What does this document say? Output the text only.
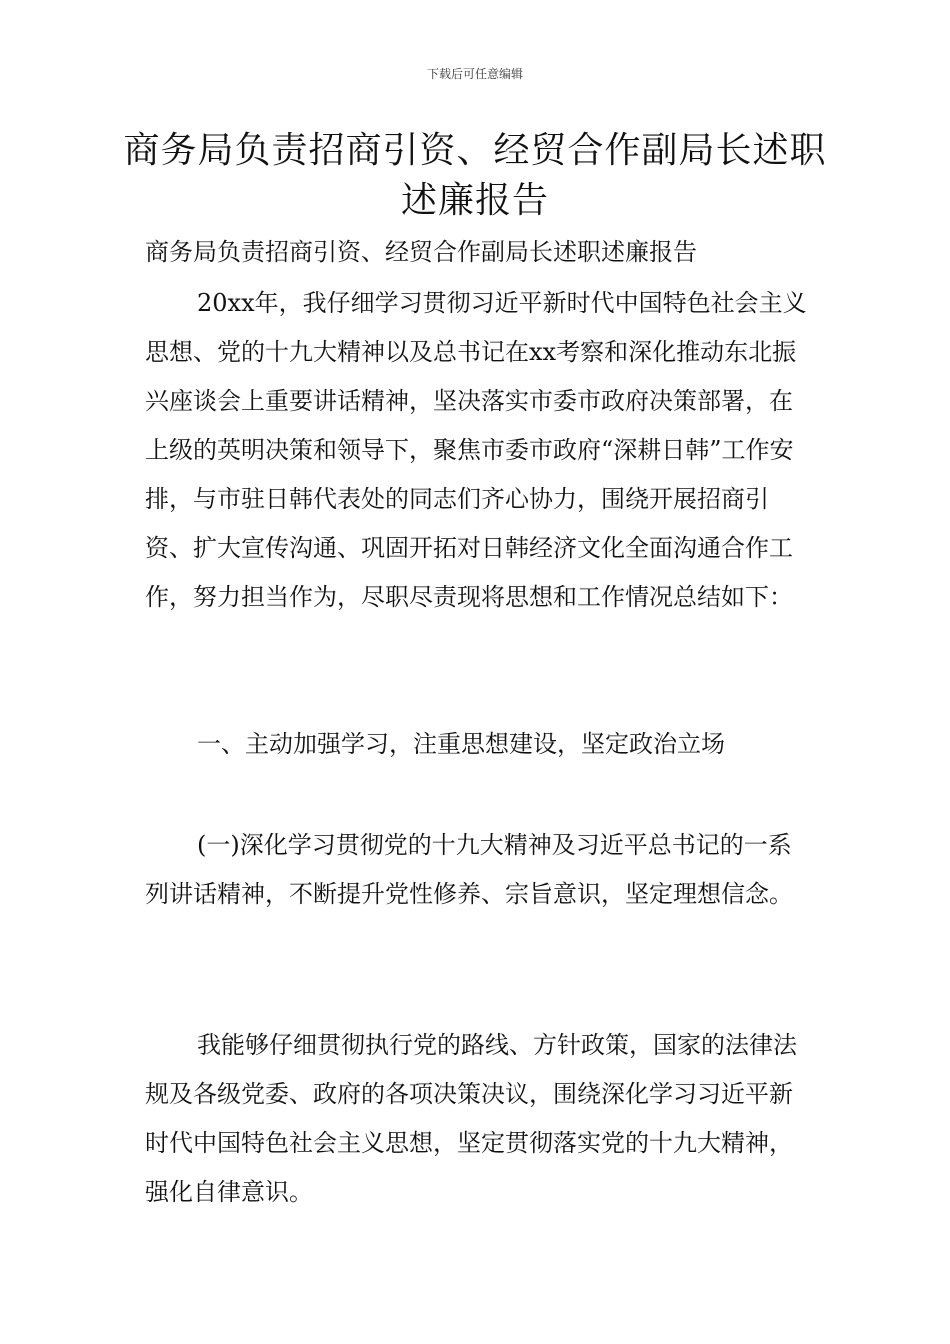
下载后可任意编辑
商务局负责招商引资、经贸合作副局长述职述廉报告

商务局负责招商引资、经贸合作副局长述职述廉报告

20xx年，我仔细学习贯彻习近平新时代中国特色社会主义思想、党的十九大精神以及总书记在xx考察和深化推动东北振兴座谈会上重要讲话精神，坚决落实市委市政府决策部署，在上级的英明决策和领导下，聚焦市委市政府“深耕日韩”工作安排，与市驻日韩代表处的同志们齐心协力，围绕开展招商引资、扩大宣传沟通、巩固开拓对日韩经济文化全面沟通合作工作，努力担当作为，尽职尽责现将思想和工作情况总结如下：

一、主动加强学习，注重思想建设，坚定政治立场

(一)深化学习贯彻党的十九大精神及习近平总书记的一系列讲话精神，不断提升党性修养、宗旨意识，坚定理想信念。

我能够仔细贯彻执行党的路线、方针政策，国家的法律法规及各级党委、政府的各项决策决议，围绕深化学习习近平新时代中国特色社会主义思想，坚定贯彻落实党的十九大精神，强化自律意识。
